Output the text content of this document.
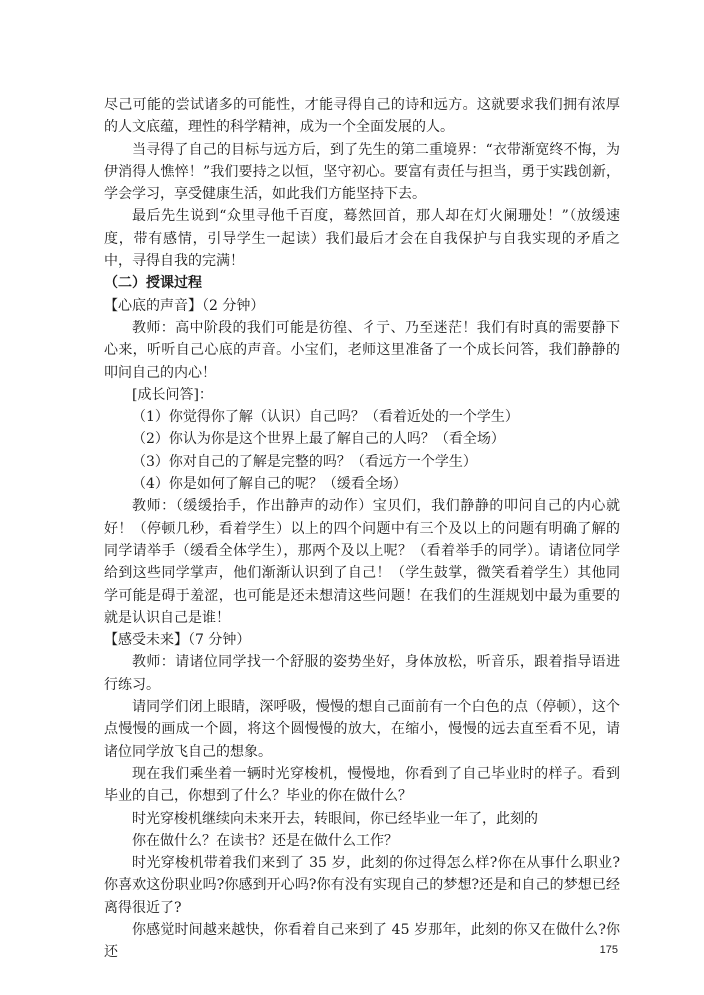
尽己可能的尝试诸多的可能性，才能寻得自己的诗和远方。这就要求我们拥有浓厚的人文底蕴，理性的科学精神，成为一个全面发展的人。

当寻得了自己的目标与远方后，到了先生的第二重境界：“衣带渐宽终不悔，为伊消得人憔悴！”我们要持之以恒，坚守初心。要富有责任与担当，勇于实践创新，学会学习，享受健康生活，如此我们方能坚持下去。

最后先生说到“众里寻他千百度，蓦然回首，那人却在灯火阑珊处！”（放缓速度，带有感情，引导学生一起读）我们最后才会在自我保护与自我实现的矛盾之中，寻得自我的完满！

（二）授课过程

【心底的声音】（2 分钟）

教师：高中阶段的我们可能是彷徨、彳亍、乃至迷茫！我们有时真的需要静下心来，听听自己心底的声音。小宝们，老师这里准备了一个成长问答，我们静静的叩问自己的内心！

[成长问答]：

（1）你觉得你了解（认识）自己吗？（看着近处的一个学生）

（2）你认为你是这个世界上最了解自己的人吗？（看全场）

（3）你对自己的了解是完整的吗？（看远方一个学生）

（4）你是如何了解自己的呢？（缓看全场）

教师：（缓缓抬手，作出静声的动作）宝贝们，我们静静的叩问自己的内心就好！（停顿几秒，看着学生）以上的四个问题中有三个及以上的问题有明确了解的同学请举手（缓看全体学生），那两个及以上呢？（看着举手的同学）。请诸位同学给到这些同学掌声，他们渐渐认识到了自己！（学生鼓掌，微笑看着学生）其他同学可能是碍于羞涩，也可能是还未想清这些问题！在我们的生涯规划中最为重要的就是认识自己是谁！

【感受未来】（7 分钟）

教师：请诸位同学找一个舒服的姿势坐好，身体放松，听音乐，跟着指导语进行练习。

请同学们闭上眼睛，深呼吸，慢慢的想自己面前有一个白色的点（停顿），这个点慢慢的画成一个圆，将这个圆慢慢的放大，在缩小，慢慢的远去直至看不见，请诸位同学放飞自己的想象。

现在我们乘坐着一辆时光穿梭机，慢慢地，你看到了自己毕业时的样子。看到毕业的自己，你想到了什么？毕业的你在做什么？

时光穿梭机继续向未来开去，转眼间，你已经毕业一年了，此刻的

你在做什么？在读书？还是在做什么工作？

时光穿梭机带着我们来到了 35 岁，此刻的你过得怎么样?你在从事什么职业?你喜欢这份职业吗?你感到开心吗?你有没有实现自己的梦想?还是和自己的梦想已经离得很近了?

你感觉时间越来越快，你看着自己来到了 45 岁那年，此刻的你又在做什么?你还	175
